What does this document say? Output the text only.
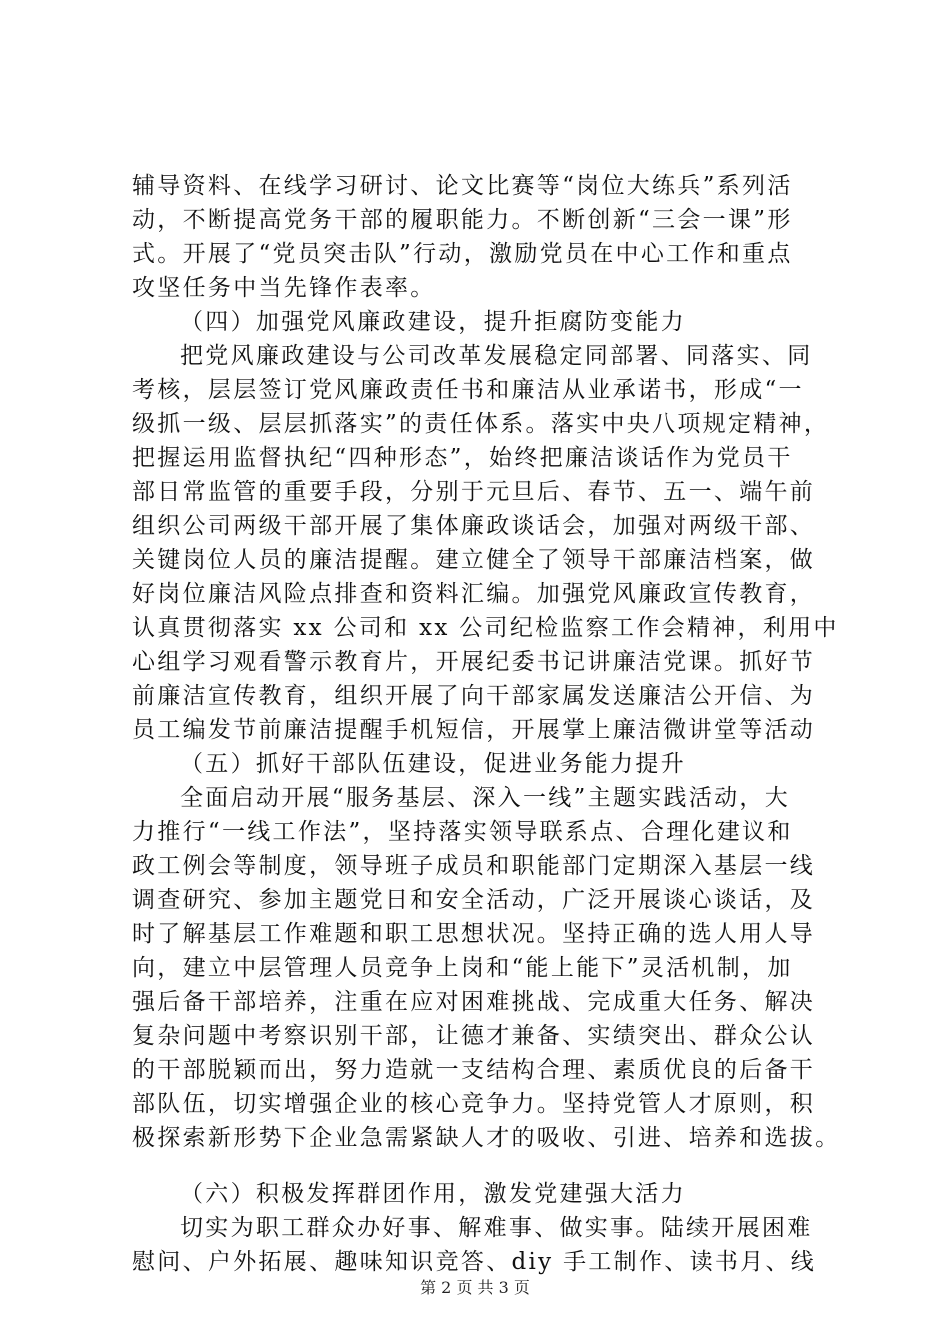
辅导资料、在线学习研讨、论文比赛等“岗位大练兵”系列活
动，不断提高党务干部的履职能力。不断创新“三会一课”形
式。开展了“党员突击队”行动，激励党员在中心工作和重点
攻坚任务中当先锋作表率。
（四）加强党风廉政建设，提升拒腐防变能力
把党风廉政建设与公司改革发展稳定同部署、同落实、同
考核，层层签订党风廉政责任书和廉洁从业承诺书，形成“一
级抓一级、层层抓落实”的责任体系。落实中央八项规定精神，
把握运用监督执纪“四种形态”，始终把廉洁谈话作为党员干
部日常监管的重要手段，分别于元旦后、春节、五一、端午前
组织公司两级干部开展了集体廉政谈话会，加强对两级干部、
关键岗位人员的廉洁提醒。建立健全了领导干部廉洁档案，做
好岗位廉洁风险点排查和资料汇编。加强党风廉政宣传教育，
认真贯彻落实 xx 公司和 xx 公司纪检监察工作会精神，利用中
心组学习观看警示教育片，开展纪委书记讲廉洁党课。抓好节
前廉洁宣传教育，组织开展了向干部家属发送廉洁公开信、为
员工编发节前廉洁提醒手机短信，开展掌上廉洁微讲堂等活动
（五）抓好干部队伍建设，促进业务能力提升
全面启动开展“服务基层、深入一线”主题实践活动，大
力推行“一线工作法”，坚持落实领导联系点、合理化建议和
政工例会等制度，领导班子成员和职能部门定期深入基层一线
调查研究、参加主题党日和安全活动，广泛开展谈心谈话，及
时了解基层工作难题和职工思想状况。坚持正确的选人用人导
向，建立中层管理人员竞争上岗和“能上能下”灵活机制，加
强后备干部培养，注重在应对困难挑战、完成重大任务、解决
复杂问题中考察识别干部，让德才兼备、实绩突出、群众公认
的干部脱颖而出，努力造就一支结构合理、素质优良的后备干
部队伍，切实增强企业的核心竞争力。坚持党管人才原则，积
极探索新形势下企业急需紧缺人才的吸收、引进、培养和选拔。
（六）积极发挥群团作用，激发党建强大活力
切实为职工群众办好事、解难事、做实事。陆续开展困难
慰问、户外拓展、趣味知识竞答、diy 手工制作、读书月、线
第 2 页 共 3 页
